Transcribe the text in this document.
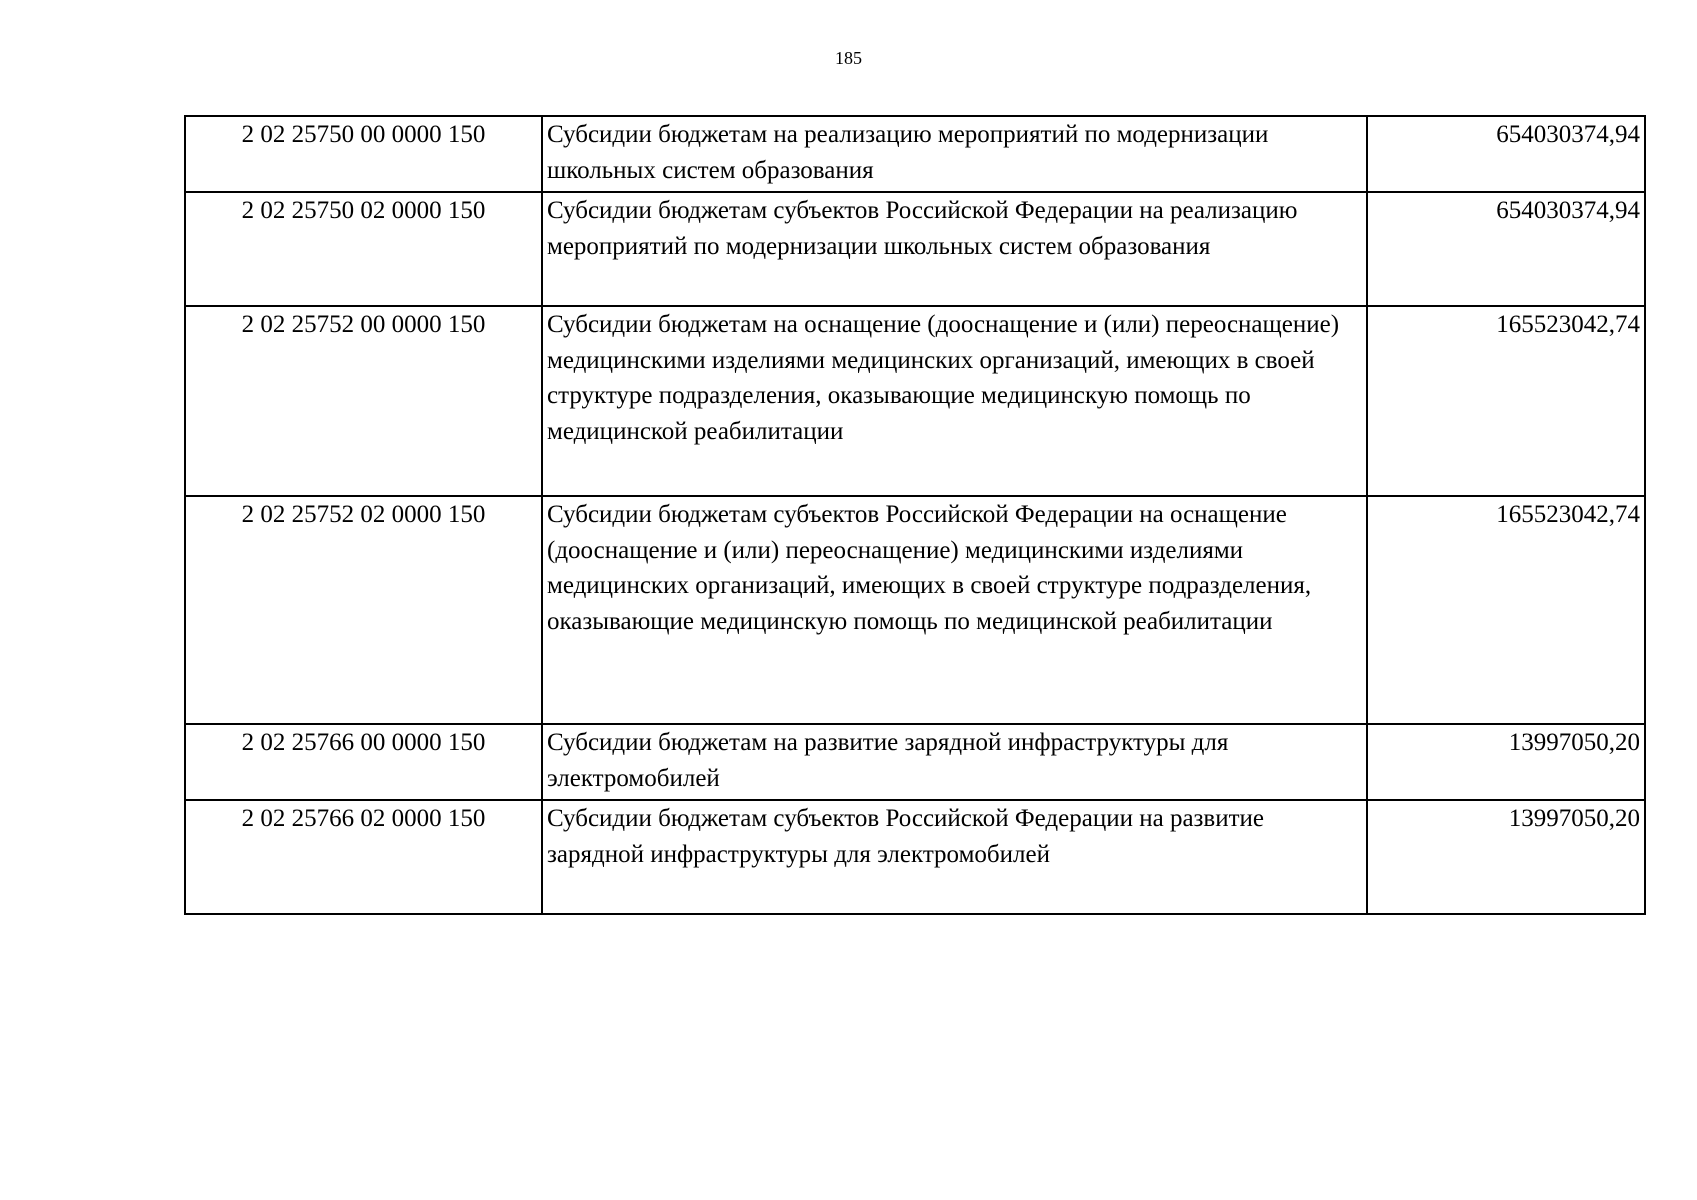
185
2 02 25750 00 0000 150	Субсидии бюджетам на реализацию мероприятий по модернизации школьных систем образования	654030374,94
2 02 25750 02 0000 150	Субсидии бюджетам субъектов Российской Федерации на реализацию мероприятий по модернизации школьных систем образования	654030374,94
2 02 25752 00 0000 150	Субсидии бюджетам на оснащение (дооснащение и (или) переоснащение) медицинскими изделиями медицинских организаций, имеющих в своей структуре подразделения, оказывающие медицинскую помощь по медицинской реабилитации	165523042,74
2 02 25752 02 0000 150	Субсидии бюджетам субъектов Российской Федерации на оснащение (дооснащение и (или) переоснащение) медицинскими изделиями медицинских организаций, имеющих в своей структуре подразделения, оказывающие медицинскую помощь по медицинской реабилитации	165523042,74
2 02 25766 00 0000 150	Субсидии бюджетам на развитие зарядной инфраструктуры для электромобилей	13997050,20
2 02 25766 02 0000 150	Субсидии бюджетам субъектов Российской Федерации на развитие зарядной инфраструктуры для электромобилей	13997050,20
